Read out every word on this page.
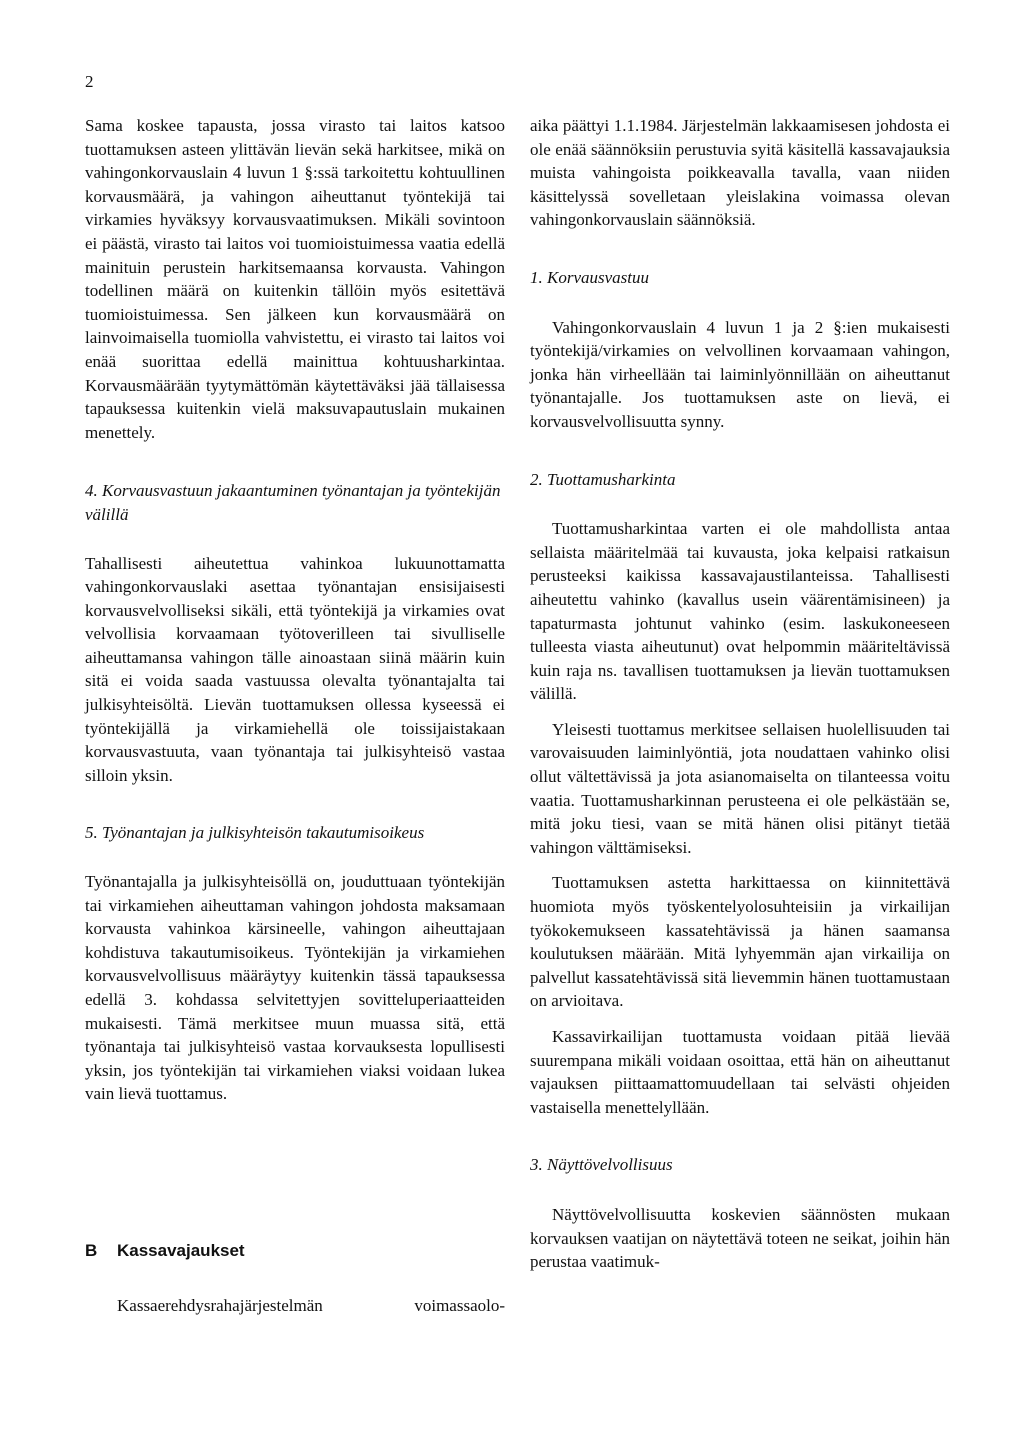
2

Sama koskee tapausta, jossa virasto tai laitos katsoo tuottamuksen asteen ylittävän lievän sekä harkitsee, mikä on vahingonkorvauslain 4 luvun 1 §:ssä tarkoitettu kohtuullinen korvausmäärä, ja vahingon aiheuttanut työntekijä tai virkamies hyväksyy korvausvaatimuksen. Mikäli sovintoon ei päästä, virasto tai laitos voi tuomioistuimessa vaatia edellä mainituin perustein harkitsemaansa korvausta. Vahingon todellinen määrä on kuitenkin tällöin myös esitettävä tuomioistuimessa. Sen jälkeen kun korvausmäärä on lainvoimaisella tuomiolla vahvistettu, ei virasto tai laitos voi enää suorittaa edellä mainittua kohtuusharkintaa. Korvausmäärään tyytymättömän käytettäväksi jää tällaisessa tapauksessa kuitenkin vielä maksuvapautuslain mukainen menettely.

4. Korvausvastuun jakaantuminen työnantajan ja työntekijän välillä

Tahallisesti aiheutettua vahinkoa lukuunottamatta vahingonkorvauslaki asettaa työnantajan ensisijaisesti korvausvelvolliseksi sikäli, että työntekijä ja virkamies ovat velvollisia korvaamaan työtoverilleen tai sivulliselle aiheuttamansa vahingon tälle ainoastaan siinä määrin kuin sitä ei voida saada vastuussa olevalta työnantajalta tai julkisyhteisöltä. Lievän tuottamuksen ollessa kyseessä ei työntekijällä ja virkamiehellä ole toissijaistakaan korvausvastuuta, vaan työnantaja tai julkisyhteisö vastaa silloin yksin.

5. Työnantajan ja julkisyhteisön takautumisoikeus

Työnantajalla ja julkisyhteisöllä on, jouduttuaan työntekijän tai virkamiehen aiheuttaman vahingon johdosta maksamaan korvausta vahinkoa kärsineelle, vahingon aiheuttajaan kohdistuva takautumisoikeus. Työntekijän ja virkamiehen korvausvelvollisuus määräytyy kuitenkin tässä tapauksessa edellä 3. kohdassa selvitettyjen sovitteluperiaatteiden mukaisesti. Tämä merkitsee muun muassa sitä, että työnantaja tai julkisyhteisö vastaa korvauksesta lopullisesti yksin, jos työntekijän tai virkamiehen viaksi voidaan lukea vain lievä tuottamus.

B Kassavajaukset
Kassaerehdysrahajärjestelmän voimassaolo-

aika päättyi 1.1.1984. Järjestelmän lakkaamisesen johdosta ei ole enää säännöksiin perustuvia syitä käsitellä kassavajauksia muista vahingoista poikkeavalla tavalla, vaan niiden käsittelyssä sovelletaan yleislakina voimassa olevan vahingonkorvauslain säännöksiä.

1. Korvausvastuu

Vahingonkorvauslain 4 luvun 1 ja 2 §:ien mukaisesti työntekijä/virkamies on velvollinen korvaamaan vahingon, jonka hän virheellään tai laiminlyönnillään on aiheuttanut työnantajalle. Jos tuottamuksen aste on lievä, ei korvausvelvollisuutta synny.

2. Tuottamusharkinta

Tuottamusharkintaa varten ei ole mahdollista antaa sellaista määritelmää tai kuvausta, joka kelpaisi ratkaisun perusteeksi kaikissa kassavajaustilanteissa. Tahallisesti aiheutettu vahinko (kavallus usein väärentämisineen) ja tapaturmasta johtunut vahinko (esim. laskukoneeseen tulleesta viasta aiheutunut) ovat helpommin määriteltävissä kuin raja ns. tavallisen tuottamuksen ja lievän tuottamuksen välillä.

Yleisesti tuottamus merkitsee sellaisen huolellisuuden tai varovaisuuden laiminlyöntiä, jota noudattaen vahinko olisi ollut vältettävissä ja jota asianomaiselta on tilanteessa voitu vaatia. Tuottamusharkinnan perusteena ei ole pelkästään se, mitä joku tiesi, vaan se mitä hänen olisi pitänyt tietää vahingon välttämiseksi.

Tuottamuksen astetta harkittaessa on kiinnitettävä huomiota myös työskentelyolosuhteisiin ja virkailijan työkokemukseen kassatehtävissä ja hänen saamansa koulutuksen määrään. Mitä lyhyemmän ajan virkailija on palvellut kassatehtävissä sitä lievemmin hänen tuottamustaan on arvioitava.

Kassavirkailijan tuottamusta voidaan pitää lievää suurempana mikäli voidaan osoittaa, että hän on aiheuttanut vajauksen piittaamattomuudellaan tai selvästi ohjeiden vastaisella menettelyllään.

3. Näyttövelvollisuus

Näyttövelvollisuutta koskevien säännösten mukaan korvauksen vaatijan on näytettävä toteen ne seikat, joihin hän perustaa vaatimuk-
